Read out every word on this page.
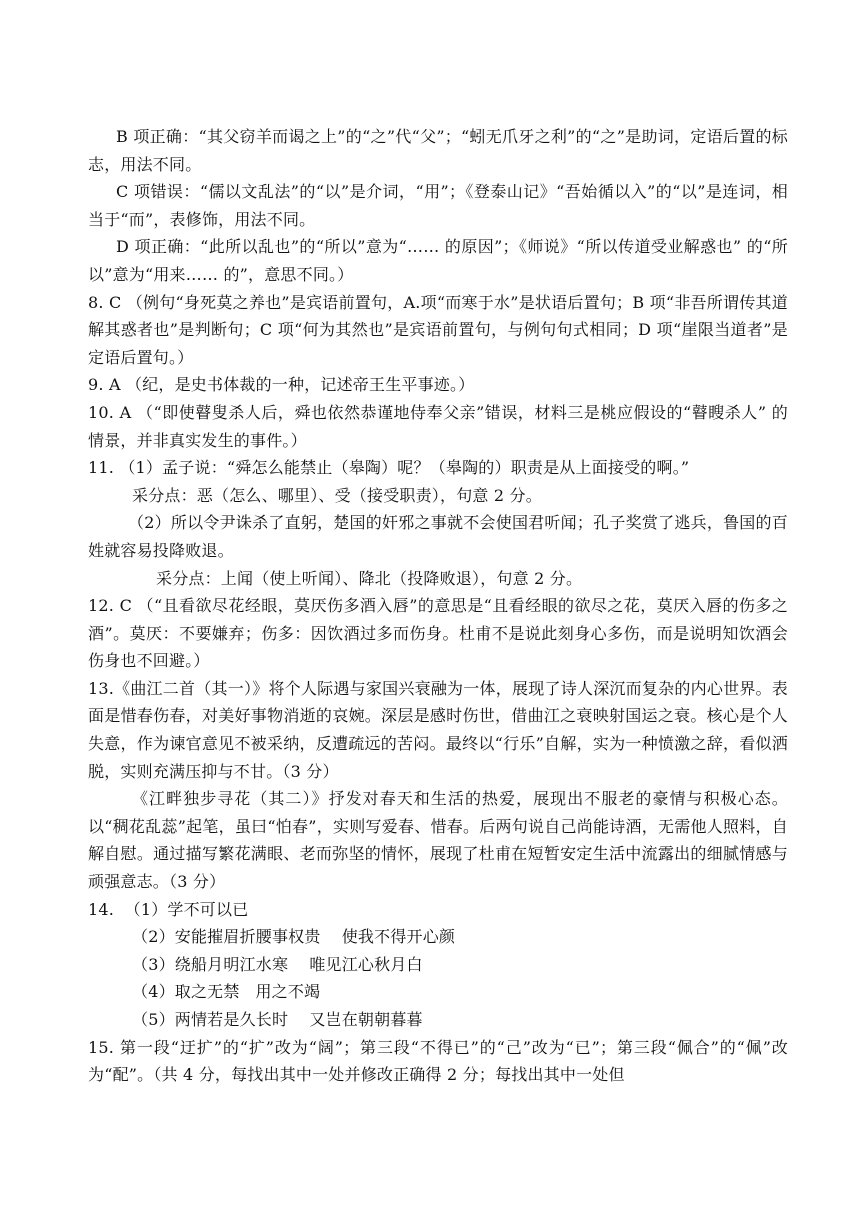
B 项正确：“其父窃羊而谒之上”的“之”代“父”；“蚓无爪牙之利”的“之”是助词，定语后置的标志，用法不同。

C 项错误：“儒以文乱法”的“以”是介词，“用”；《登泰山记》“吾始循以入”的“以”是连词，相当于“而”，表修饰，用法不同。

D 项正确：“此所以乱也”的“所以”意为“…… 的原因”；《师说》“所以传道受业解惑也” 的“所以”意为“用来…… 的”，意思不同。）

8. C （例句“身死莫之养也”是宾语前置句，A.项“而寒于水”是状语后置句；B 项“非吾所谓传其道解其惑者也”是判断句；C 项“何为其然也”是宾语前置句，与例句句式相同；D 项“崖限当道者”是定语后置句。）

9. A （纪，是史书体裁的一种，记述帝王生平事迹。）

10. A （“即使瞽叟杀人后，舜也依然恭谨地侍奉父亲”错误，材料三是桃应假设的“瞽瞍杀人” 的情景，并非真实发生的事件。）

11. （1）孟子说：“舜怎么能禁止（皋陶）呢？（皋陶的）职责是从上面接受的啊。”

采分点：恶（怎么、哪里）、受（接受职责），句意 2 分。

（2）所以令尹诛杀了直躬，楚国的奸邪之事就不会使国君听闻；孔子奖赏了逃兵，鲁国的百姓就容易投降败退。

采分点：上闻（使上听闻）、降北（投降败退），句意 2 分。

12. C （“且看欲尽花经眼，莫厌伤多酒入唇”的意思是“且看经眼的欲尽之花，莫厌入唇的伤多之酒”。莫厌：不要嫌弃；伤多：因饮酒过多而伤身。杜甫不是说此刻身心多伤，而是说明知饮酒会伤身也不回避。）

13.《曲江二首（其一）》将个人际遇与家国兴衰融为一体，展现了诗人深沉而复杂的内心世界。表面是惜春伤春，对美好事物消逝的哀婉。深层是感时伤世，借曲江之衰映射国运之衰。核心是个人失意，作为谏官意见不被采纳，反遭疏远的苦闷。最终以“行乐”自解，实为一种愤激之辞，看似洒脱，实则充满压抑与不甘。（3 分）

《江畔独步寻花（其二）》抒发对春天和生活的热爱，展现出不服老的豪情与积极心态。以“稠花乱蕊”起笔，虽曰“怕春”，实则写爱春、惜春。后两句说自己尚能诗酒，无需他人照料，自解自慰。通过描写繁花满眼、老而弥坚的情怀，展现了杜甫在短暂安定生活中流露出的细腻情感与顽强意志。（3 分）

14.  （1）学不可以已

（2）安能摧眉折腰事权贵    使我不得开心颜

（3）绕船月明江水寒    唯见江心秋月白

（4）取之无禁   用之不竭

（5）两情若是久长时    又岂在朝朝暮暮

15. 第一段“迂扩”的“扩”改为“阔”；第三段“不得已”的“己”改为“已”；第三段“佩合”的“佩”改为“配”。（共 4 分，每找出其中一处并修改正确得 2 分；每找出其中一处但
